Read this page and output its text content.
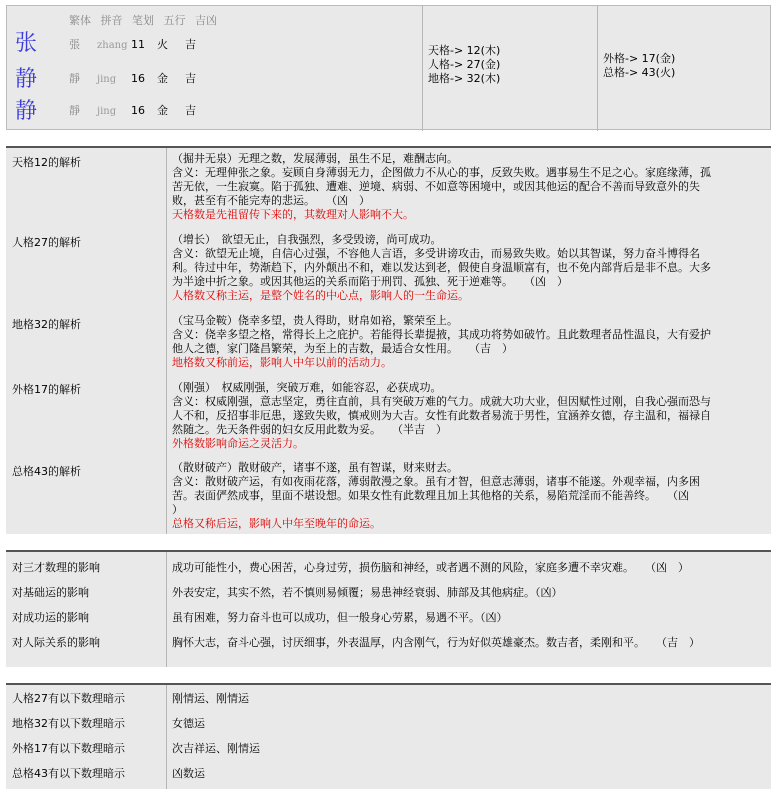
繁体 拼音 笔划 五行 吉凶
张	張 zhang 11 火 吉
静	靜 jing 16 金 吉
静	靜 jing 16 金 吉
天格-> 12(木)
人格-> 27(金)
地格-> 32(木)
外格-> 17(金)
总格-> 43(火)
天格12的解析	（掘井无泉）无理之数，发展薄弱，虽生不足，难酬志向。

含义：无理伸张之象。妄顾自身薄弱无力，企图做力不从心的事，反致失败。遇事易生不足之心。家庭缘薄，孤

苦无依，一生寂寞。陷于孤独、遭难、逆境、病弱、不如意等困境中，或因其他运的配合不善而导致意外的失

败，甚至有不能完寿的悲运。　　（凶　）

天格数是先祖留传下来的，其数理对人影响不大。

人格27的解析	（增长）　欲望无止，自我强烈，多受毁谤，尚可成功。

含义：欲望无止境，自信心过强，不容他人言语，多受讲谤攻击，而易致失败。始以其智谋，努力奋斗博得名

利。待过中年，势渐趋下，内外颠出不和，难以发达到老，假使自身温顺富有，也不免内部背后是非不息。大多

为半途中折之象。或因其他运的关系而陷于刑罚、孤独、死于逆难等。　　（凶　）

人格数又称主运，是整个姓名的中心点，影响人的一生命运。

地格32的解析	（宝马金鞍）侥幸多望，贵人得助，财帛如裕，繁荣至上。

含义：侥幸多望之格，常得长上之庇护。若能得长辈提掖，其成功将势如破竹。且此数理者品性温良，大有爱护

他人之德，家门隆昌繁荣，为至上的吉数，最适合女性用。　　（吉　）

地格数又称前运，影响人中年以前的活动力。

外格17的解析	（刚强）　权威刚强，突破万难，如能容忍，必获成功。

含义：权威刚强，意志坚定，勇往直前，具有突破万难的气力。成就大功大业，但因赋性过刚，自我心强而恐与

人不和，反招事非厄患，遂致失败，慎戒则为大吉。女性有此数者易流于男性，宜涵养女德，存主温和，福禄自

然随之。先天条件弱的妇女反用此数为妥。　　（半吉　）

外格数影响命运之灵活力。

总格43的解析	（散财破产）散财破产，诸事不遂，虽有智谋，财来财去。

含义：散财破产运，有如夜雨花落，薄弱散漫之象。虽有才智，但意志薄弱，诸事不能遂。外观幸福，内多困

苦。表面俨然成事，里面不堪设想。如果女性有此数理且加上其他格的关系，易陷荒淫而不能善终。　　（凶

）

总格又称后运，影响人中年至晚年的命运。

对三才数理的影响	成功可能性小，费心困苦，心身过劳，损伤脑和神经，或者遇不测的风险，家庭多遭不幸灾难。　　（凶　）
对基础运的影响	外表安定，其实不然，若不慎则易倾覆；易患神经衰弱、肺部及其他病症。（凶）
对成功运的影响	虽有困难，努力奋斗也可以成功，但一般身心劳累，易遇不平。（凶）
对人际关系的影响	胸怀大志，奋斗心强，讨厌细事，外表温厚，内含刚气，行为好似英雄豪杰。数吉者，柔刚和平。　　（吉　）
人格27有以下数理暗示	刚情运、刚情运
地格32有以下数理暗示	女德运
外格17有以下数理暗示	次吉祥运、刚情运
总格43有以下数理暗示	凶数运
